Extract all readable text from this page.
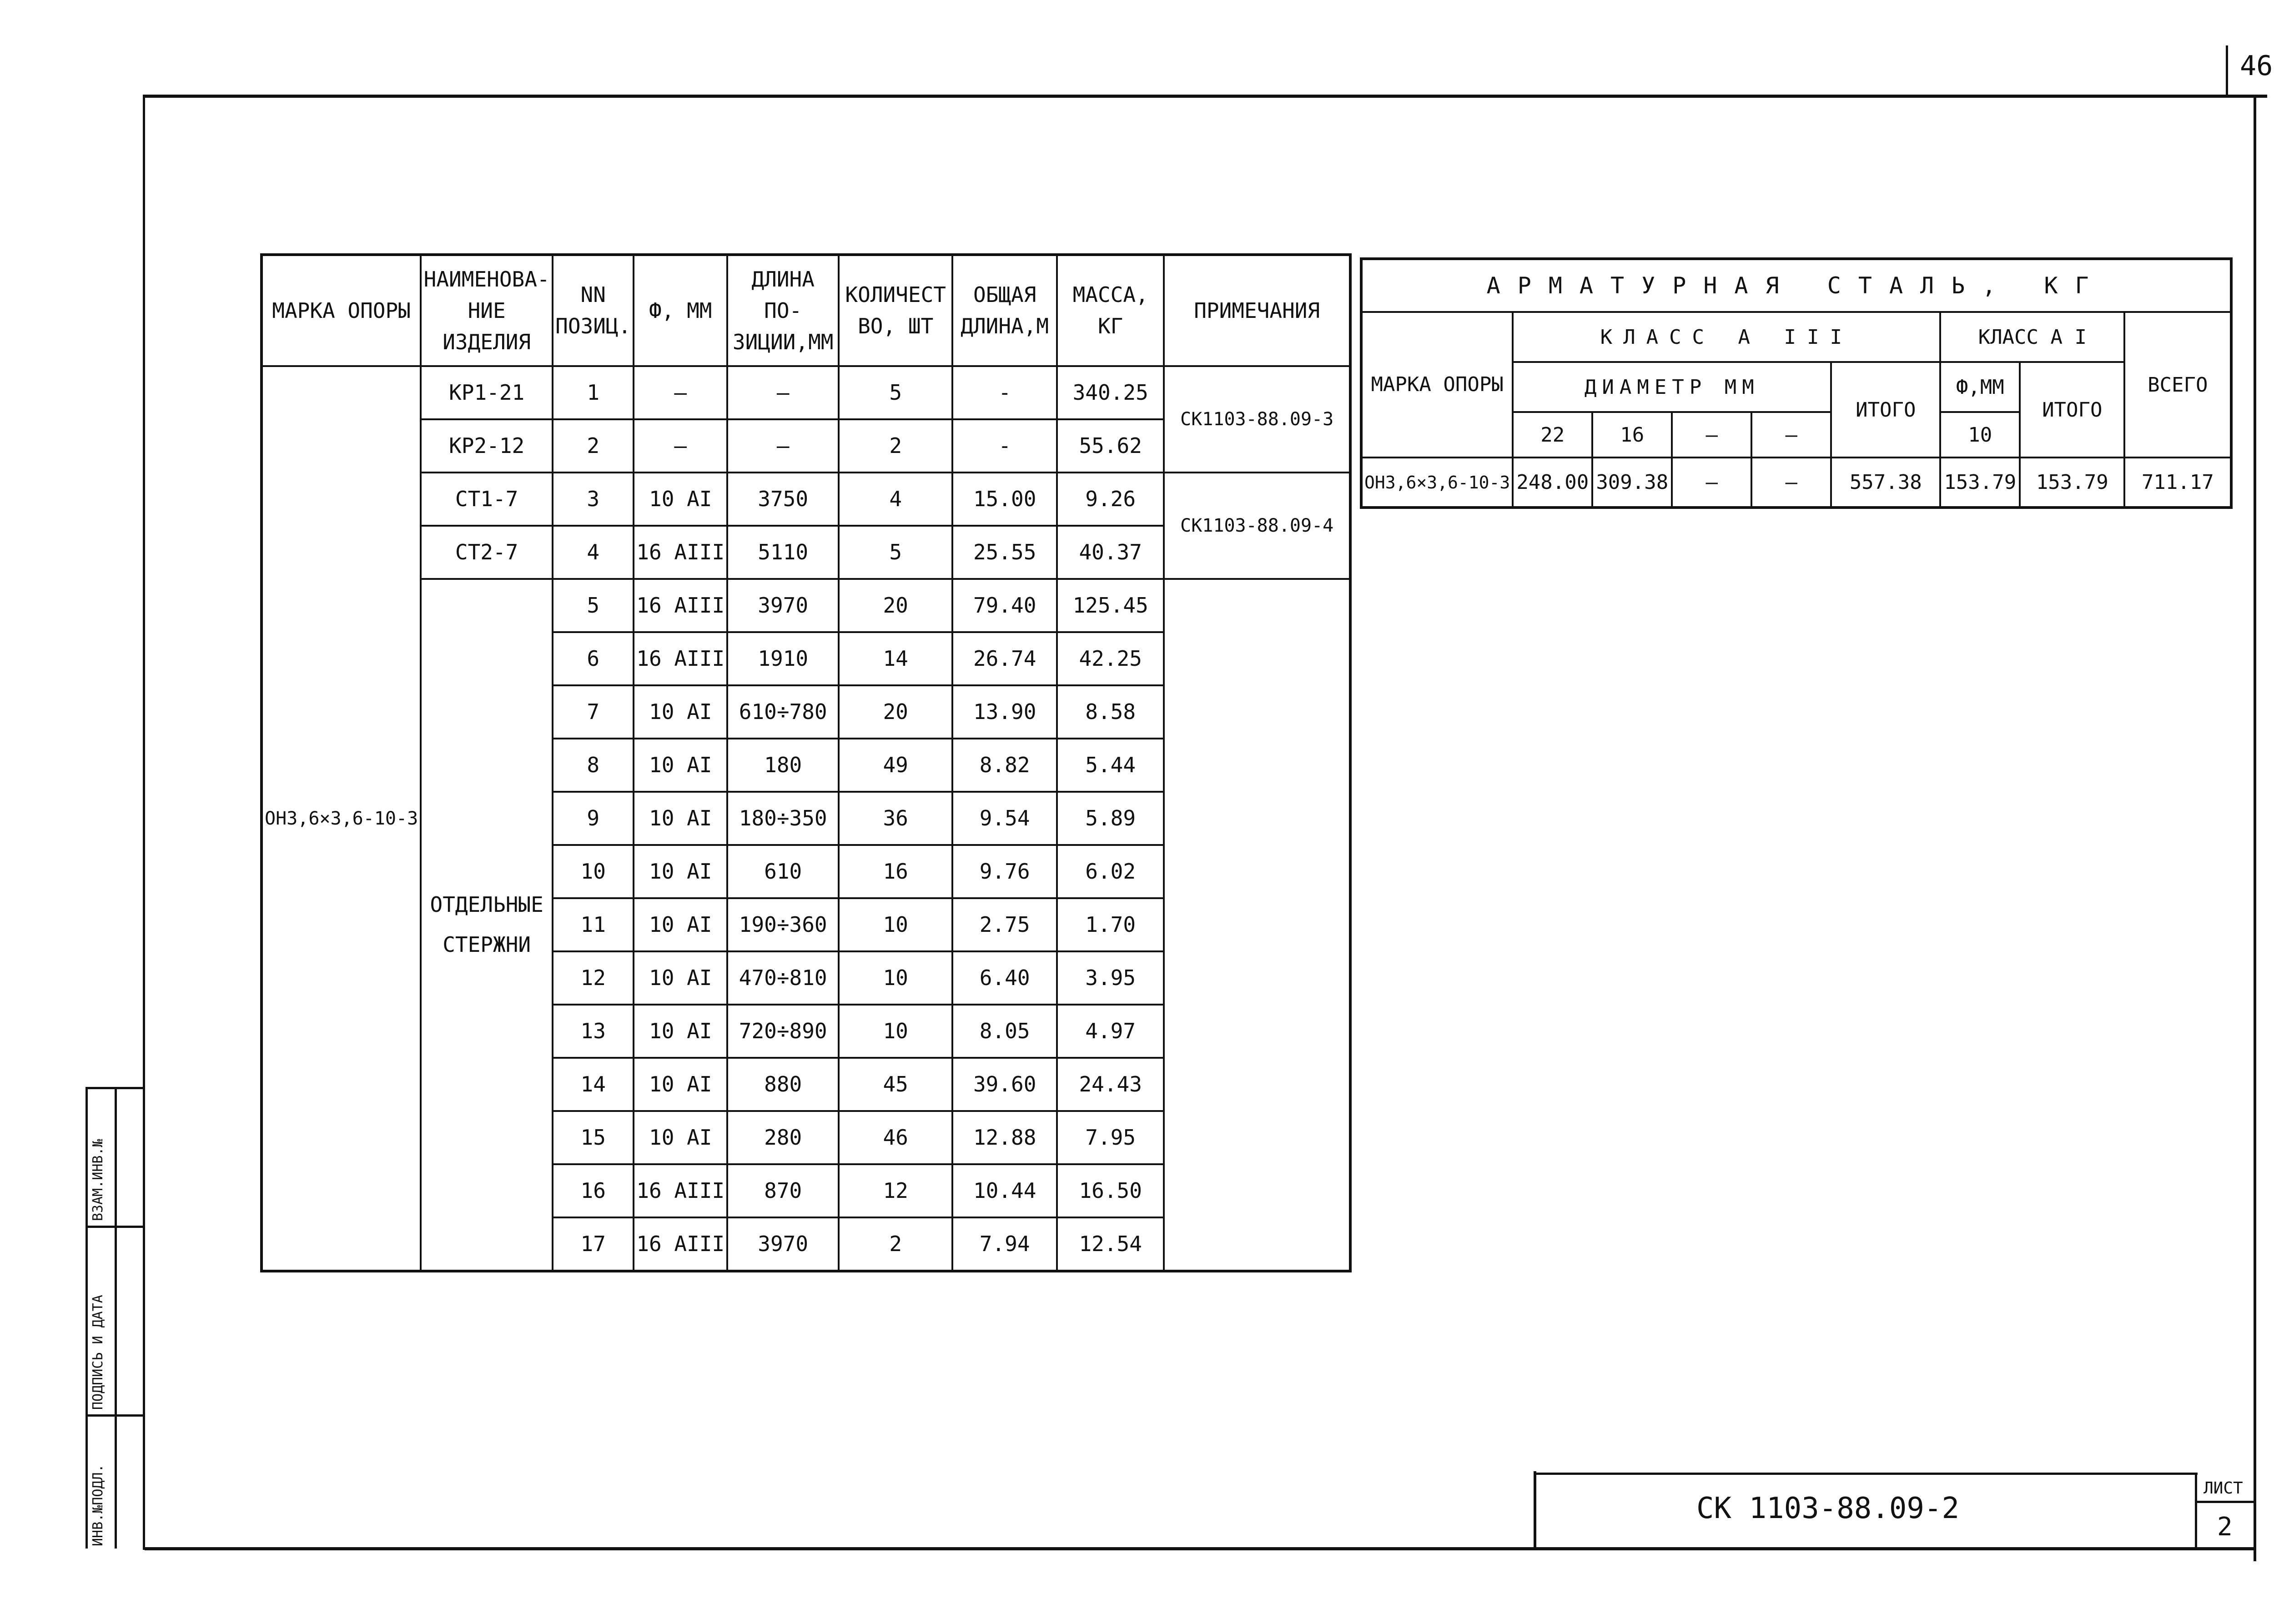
46
ИНВ.№ПОДЛ.
ПОДПИСЬ И ДАТА
ВЗАМ.ИНВ.№
МАРКА ОПОРЫ	НАИМЕНОВА-НИЕ ИЗДЕЛИЯ	NN ПОЗИЦ.	Ф, ММ	ДЛИНА ПО-ЗИЦИИ,ММ	КОЛИЧЕСТ ВО, ШТ	ОБЩАЯ ДЛИНА,М	МАССА, КГ	ПРИМЕЧАНИЯ
ОН3,6×3,6-10-3	КР1-21	1	—	—	5	-	340.25	СК1103-88.09-3
	КР2-12	2	—	—	2	-	55.62	
	СТ1-7	3	10 АI	3750	4	15.00	9.26	СК1103-88.09-4
	СТ2-7	4	16 АIII	5110	5	25.55	40.37	
	ОТДЕЛЬНЫЕ СТЕРЖНИ	5	16 АIII	3970	20	79.40	125.45	
		6	16 АIII	1910	14	26.74	42.25	
		7	10 АI	610÷780	20	13.90	8.58	
		8	10 АI	180	49	8.82	5.44	
		9	10 АI	180÷350	36	9.54	5.89	
		10	10 АI	610	16	9.76	6.02	
		11	10 АI	190÷360	10	2.75	1.70	
		12	10 АI	470÷810	10	6.40	3.95	
		13	10 АI	720÷890	10	8.05	4.97	
		14	10 АI	880	45	39.60	24.43	
		15	10 АI	280	46	12.88	7.95	
		16	16 АIII	870	12	10.44	16.50	
		17	16 АIII	3970	2	7.94	12.54	
АРМАТУРНАЯ СТАЛЬ, КГ								
МАРКА ОПОРЫ	КЛАСС А III					КЛАСС А I		ВСЕГО
	ДИАМЕТР ММ				ИТОГО	Ф,ММ	ИТОГО	
	22	16	—	—		10		
ОН3,6×3,6-10-3	248.00	309.38	—	—	557.38	153.79	153.79	711.17
СК 1103-88.09-2
ЛИСТ
2
